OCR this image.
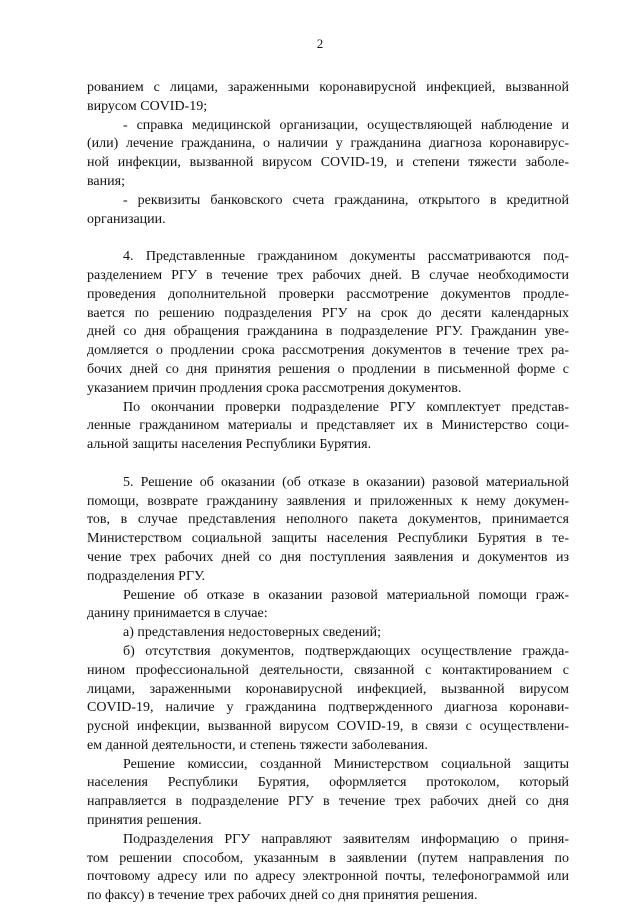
2
рованием с лицами, зараженными коронавирусной инфекцией, вызванной
вирусом COVID-19;
- справка медицинской организации, осуществляющей наблюдение и
(или) лечение гражданина, о наличии у гражданина диагноза коронавирус-
ной инфекции, вызванной вирусом COVID-19, и степени тяжести заболе-
вания;
- реквизиты банковского счета гражданина, открытого в кредитной
организации.
4. Представленные гражданином документы рассматриваются под-
разделением РГУ в течение трех рабочих дней. В случае необходимости
проведения дополнительной проверки рассмотрение документов продле-
вается по решению подразделения РГУ на срок до десяти календарных
дней со дня обращения гражданина в подразделение РГУ. Гражданин уве-
домляется о продлении срока рассмотрения документов в течение трех ра-
бочих дней со дня принятия решения о продлении в письменной форме с
указанием причин продления срока рассмотрения документов.
По окончании проверки подразделение РГУ комплектует представ-
ленные гражданином материалы и представляет их в Министерство соци-
альной защиты населения Республики Бурятия.
5. Решение об оказании (об отказе в оказании) разовой материальной
помощи, возврате гражданину заявления и приложенных к нему докумен-
тов, в случае представления неполного пакета документов, принимается
Министерством социальной защиты населения Республики Бурятия в те-
чение трех рабочих дней со дня поступления заявления и документов из
подразделения РГУ.
Решение об отказе в оказании разовой материальной помощи граж-
данину принимается в случае:
а) представления недостоверных сведений;
б) отсутствия документов, подтверждающих осуществление гражда-
нином профессиональной деятельности, связанной с контактированием с
лицами, зараженными коронавирусной инфекцией, вызванной вирусом
COVID-19, наличие у гражданина подтвержденного диагноза коронави-
русной инфекции, вызванной вирусом COVID-19, в связи с осуществлени-
ем данной деятельности, и степень тяжести заболевания.
Решение комиссии, созданной Министерством социальной защиты
населения Республики Бурятия, оформляется протоколом, который
направляется в подразделение РГУ в течение трех рабочих дней со дня
принятия решения.
Подразделения РГУ направляют заявителям информацию о приня-
том решении способом, указанным в заявлении (путем направления по
почтовому адресу или по адресу электронной почты, телефонограммой или
по факсу) в течение трех рабочих дней со дня принятия решения.
